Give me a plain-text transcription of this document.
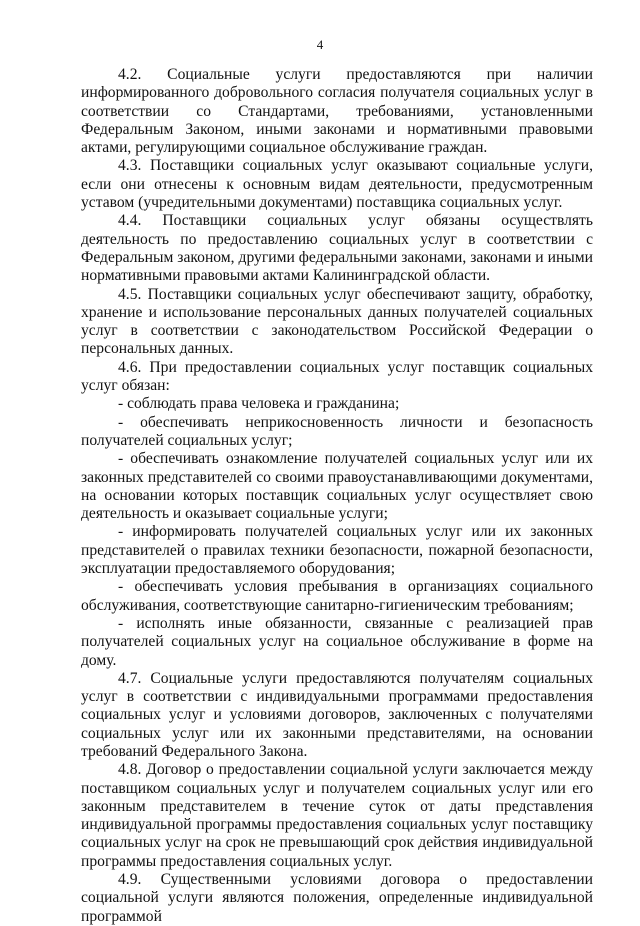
4

4.2. Социальные услуги предоставляются при наличии информированного добровольного согласия получателя социальных услуг в соответствии со Стандартами, требованиями, установленными Федеральным Законом, иными законами и нормативными правовыми актами, регулирующими социальное обслуживание граждан.

4.3. Поставщики социальных услуг оказывают социальные услуги, если они отнесены к основным видам деятельности, предусмотренным уставом (учредительными документами) поставщика социальных услуг.

4.4. Поставщики социальных услуг обязаны осуществлять деятельность по предоставлению социальных услуг в соответствии с Федеральным законом, другими федеральными законами, законами и иными нормативными правовыми актами Калининградской области.

4.5. Поставщики социальных услуг обеспечивают защиту, обработку, хранение и использование персональных данных получателей социальных услуг в соответствии с законодательством Российской Федерации о персональных данных.

4.6. При предоставлении социальных услуг поставщик социальных услуг обязан:

- соблюдать права человека и гражданина;

- обеспечивать неприкосновенность личности и безопасность получателей социальных услуг;

- обеспечивать ознакомление получателей социальных услуг или их законных представителей со своими правоустанавливающими документами, на основании которых поставщик социальных услуг осуществляет свою деятельность и оказывает социальные услуги;

- информировать получателей социальных услуг или их законных представителей о правилах техники безопасности, пожарной безопасности, эксплуатации предоставляемого оборудования;

- обеспечивать условия пребывания в организациях социального обслуживания, соответствующие санитарно-гигиеническим требованиям;

- исполнять иные обязанности, связанные с реализацией прав получателей социальных услуг на социальное обслуживание в форме на дому.

4.7. Социальные услуги предоставляются получателям социальных услуг в соответствии с индивидуальными программами предоставления социальных услуг и условиями договоров, заключенных с получателями социальных услуг или их законными представителями, на основании требований Федерального Закона.

4.8. Договор о предоставлении социальной услуги заключается между поставщиком социальных услуг и получателем социальных услуг или его законным представителем в течение суток от даты представления индивидуальной программы предоставления социальных услуг поставщику социальных услуг на срок не превышающий срок действия индивидуальной программы предоставления социальных услуг.

4.9. Существенными условиями договора о предоставлении социальной услуги являются положения, определенные индивидуальной программой
